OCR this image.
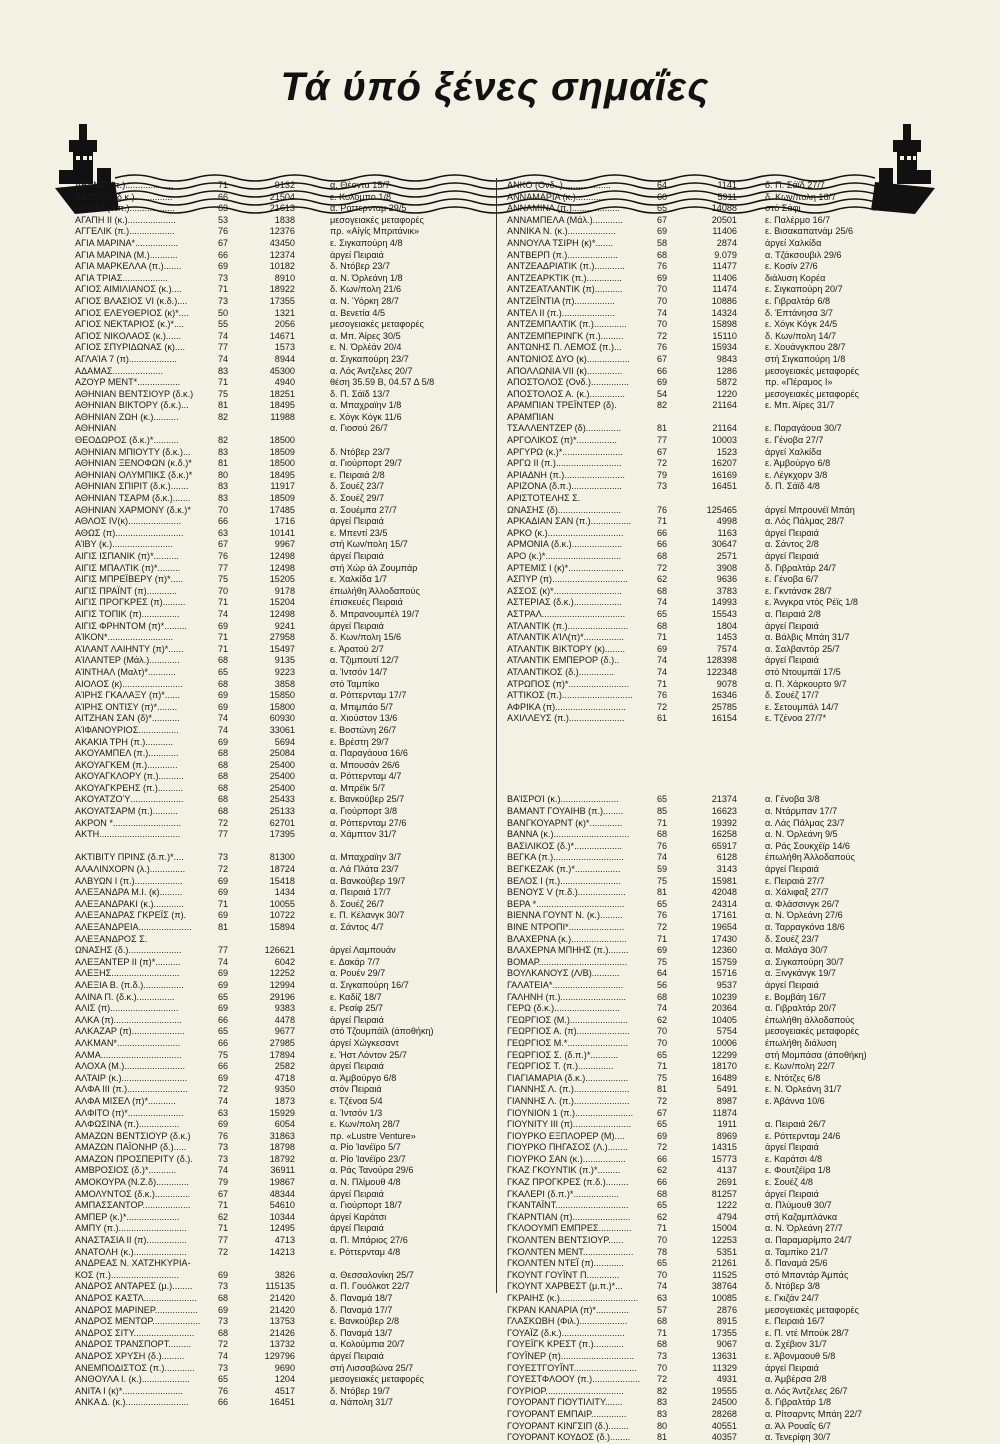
Τά ύπό ξένες σημαΐες
ΑΒΑΝΤΙ (π.)...................	71	9132	α. Θέοντα 15/7
ΑΒΟΣΕΤ (δ.κ.)...............	66	21504	ε. Κολόμπο 1/8
ΑΓΑΠΗ (δ.π.)..................	63	21613	α. Ρόττερνταμ 29/5
ΑΓΑΠΗ ΙΙ (κ.)...................	53	1838	μεσογειακές μεταφορές
ΑΓΓΕΛΙΚ (π.)..................	76	12376	πρ. «Αίγίς Μπριτάνικ»
ΑΓΙΑ ΜΑΡΙΝΑ*.................	67	43450	ε. Σιγκαπούρη 4/8
ΑΓΙΑ ΜΑΡΙΝΑ (Μ.)...........	66	12374	άργεί Πειραιά
ΑΓΙΑ ΜΑΡΚΕΛΛΑ (π.).......	69	10182	δ. Ντόβερ 23/7
ΑΓΙΑ ΤΡΙΑΣ..................	73	8910	α. Ν. Όρλεάνη 1/8
ΑΓΙΟΣ ΑΙΜΙΛΙΑΝΟΣ (κ.)....	71	18922	δ. Κων/πολη 21/6
ΑΓΙΟΣ ΒΛΑΣΙΟΣ VI (κ.δ.)....	73	17355	α. Ν. Ύόρκη 28/7
ΑΓΙΟΣ ΕΛΕΥΘΕΡΙΟΣ (κ)*....	50	1321	α. Βενετία 4/5
ΑΓΙΟΣ ΝΕΚΤΑΡΙΟΣ (κ.)*....	55	2056	μεσογειακές μεταφορές
ΑΓΙΟΣ ΝΙΚΟΛΑΟΣ (κ.)......	74	14671	α. Μπ. Άίρες 30/5
ΑΓΙΟΣ ΣΠΥΡΙΔΩΝΑΣ (κ)....	77	1573	ε. Ν. Όρλέάν 20/4
ΑΓΛΑΊΑ 7 (π)...................	74	8944	α. Σιγκαπούρη 23/7
ΑΔΑΜΑΣ....................	83	45300	α. Λός Άντζελες 20/7
ΑΖΟΥΡ ΜΕΝΤ*.................	71	4940	θέση 35.59 Β, 04.57 Δ 5/8
ΑΘΗΝΙΑΝ ΒΕΝΤΣΙΟΥΡ (δ.κ.)	75	18251	δ. Π. Σάϊδ 13/7
ΑΘΗΝΙΑΝ ΒΙΚΤΟΡΥ (δ.κ.)...	81	18495	α. Μπαχραϊην 1/8
ΑΘΗΝΙΑΝ ΖΩΗ (κ.)..........	82	11988	ε. Χόγκ Κόγκ 11/6
ΑΘΗΝΙΑΝ	α. Γιοσού 26/7
ΘΕΟΔΩΡΟΣ (δ.κ.)*..........	82	18500
ΑΘΗΝΙΑΝ ΜΠΙΟΥΤΥ (δ.κ.)...	83	18509	δ. Ντόβερ 23/7
ΑΘΗΝΙΑΝ ΞΕΝΟΦΩΝ (κ.δ.)*	81	18500	α. Γιούρπορτ 29/7
ΑΘΗΝΙΑΝ ΟΛΥΜΠΙΚΣ (δ.κ.)*	80	18495	ε. Πειραιά 2/8
ΑΘΗΝΙΑΝ ΣΠΙΡΙΤ (δ.κ.).......	83	11917	δ. Σουέζ 23/7
ΑΘΗΝΙΑΝ ΤΣΑΡΜ (δ.κ.).......	83	18509	δ. Σουέζ 29/7
ΑΘΗΝΙΑΝ ΧΑΡΜΟΝΥ (δ.κ.)*	70	17485	α. Σουέμπα 27/7
ΑΘΛΟΣ ΙV(κ).....................	66	1716	άργεί Πειραιά
ΑΘΩΣ (π)...........................	63	10141	ε. Μπεντί 23/5
ΑΊΒΥ (κ.)........................	67	9967	στή Κων/πολη 15/7
ΑΙΓΙΣ ΙΣΠΑΝΙΚ (π)*..........	76	12498	άργεί Πειραιά
ΑΙΓΙΣ ΜΠΑΛΤΙΚ (π)*.........	77	12498	στή Χώρ άλ Ζουμπάρ
ΑΙΓΙΣ ΜΠΡΕΪΒΕΡΥ (π)*.....	75	15205	ε. Χαλκίδα 1/7
ΑΙΓΙΣ ΠΡΑΪΝΤ (π)............	70	9178	έπωλήθη Άλλοδαπούς
ΑΙΓΙΣ ΠΡΟΓΚΡΕΣ (π).........	71	15204	έπισκευές Πειραιά
ΑΙΓΙΣ ΤΟΠΙΚ (π)...............	74	12498	δ. Μπρανουμπέλ 19/7
ΑΙΓΙΣ ΦΡΗΝΤΟΜ (π)*.........	69	9241	άργεί Πειραιά
ΑΊΚΟΝ*..........................	71	27958	δ. Κων/πολη 15/6
ΑΊΛΑΝΤ ΛΑΙΗΝΤΥ (π)*......	71	15497	ε. Άρατού 2/7
ΑΊΛΑΝΤΕΡ (Μάλ.)............	68	9135	α. Τζιμπουτί 12/7
ΑΊΝΤΗΑΛ (Μαλτ)*...........	65	9223	α. Ίντσόν 14/7
ΑΙΟΛΟΣ (κ)........................	68	3858	στό Ταμπίκο
ΑΊΡΗΣ ΓΚΑΛΑΞΥ (π)*......	69	15850	α. Ρόττερνταμ 17/7
ΑΊΡΗΣ ΟΝΤΙΣΥ (π)*........	69	15800	α. Μπιμπάο 5/7
ΑΙΤΖΗΑΝ ΣΑΝ (δ)*...........	74	60930	α. Χιούστον 13/6
ΑΊΦΑΝΟΥΡΙΟΣ................	74	33061	ε. Βοστώνη 26/7
ΑΚΑΚΙΑ ΤΡΗ (π.)...........	69	5694	ε. Βρέστη 29/7
ΑΚΟΥΑΜΠΕΛ (π.)............	68	25084	α. Παραγάουα 16/6
ΑΚΟΥΑΓΚΕΜ (π.)............	68	25400	α. Μπουσάν 26/6
ΑΚΟΥΑΓΚΛΟΡΥ (π.)..........	68	25400	α. Ρόττερνταμ 4/7
ΑΚΟΥΑΓΚΡΕΗΣ (π.)..........	68	25400	α. Μπρέϊκ 5/7
ΑΚΟΥΑΤΖΟΎ.....................	68	25433	ε. Βανκούβερ 25/7
ΑΚΟΥΑΤΣΑΡΜ (π.)..........	68	25133	α. Γιούρπορτ 3/8
ΑΚΡΟΝ *...........................	72	62701	α. Ρόττερνταμ 27/6
ΑΚΤΗ................................	77	17395	α. Χάμπτον 31/7
ΑΚΤΙΒΙΤΥ ΠΡΙΝΣ (δ.π.)*....	73	81300	α. Μπαχραϊην 3/7
ΑΛΑΛΙΝΧΟΡΝ (λ.)..............	72	18724	α. Λά Πλάτα 23/7
ΑΛΒΥΩΝ Ι (π.)...................	69	15418	α. Βανκούβερ 19/7
ΑΛΕΞΑΝΔΡΑ Μ.Ι. (κ).........	69	1434	α. Πειραιά 17/7
ΑΛΕΞΑΝΔΡΑΚΙ (κ.)............	71	10055	δ. Σουέζ 26/7
ΑΛΕΞΑΝΔΡΑΣ ΓΚΡΕΪΣ (π).	69	10722	ε. Π. Κέλανγκ 30/7
ΑΛΕΞΑΝΔΡΕΙΑ.....................	81	15894	α. Σάντος 4/7
ΑΛΕΞΑΝΔΡΟΣ Σ.
ΩΝΑΣΗΣ (δ.).....................	77	126621	άργεί Λαμπουάν
ΑΛΕΞΑΝΤΕΡ ΙΙ (π)*..........	74	6042	ε. Δακάρ 7/7
ΑΛΕΞΗΣ...........................	69	12252	α. Ρουέν 29/7
ΑΛΕΞΙΑ Β. (π.δ.)................	69	12994	α. Σιγκαπούρη 16/7
ΑΛΙΝΑ Π. (δ.κ.)...............	65	29196	ε. Καδίζ 18/7
ΑΛΙΣ (π)...........................	69	9383	ε. Ρεσίφ 25/7
ΑΛΚΑ (π)...........................	66	4478	άργεί Πειραιά
ΑΛΚΑΖΑΡ (π).....................	65	9677	στό Τζουμπάϊλ (άποθήκη)
ΑΛΚΜΑΝ*.........................	66	27985	άργεί Χώγκεσαντ
ΑΛΜΑ................................	75	17894	ε. Ήστ Λόντον 25/7
ΑΛΟΧΑ (Μ.)........................	66	2582	άργεί Πειραιά
ΑΛΤΑΙΡ (κ.)..........................	69	4718	α. Άμβούργο 6/8
ΑΛΦΑ ΙΙΙ (π.)........................	72	9350	στόν Πειραιά
ΑΛΦΑ ΜΙΣΕΛ (π)*...........	74	1873	ε. Τζένοα 5/4
ΑΛΦΙΤΟ (π)*......................	63	15929	α. Ίντσόν 1/3
ΑΛΦΩΣΙΝΑ (π.)................	69	6054	ε. Κων/πολη 28/7
ΑΜΑΖΩΝ ΒΕΝΤΣΙΟΥΡ (δ.κ.)	76	31863	πρ. «Lustre Venture»
ΑΜΑΖΩΝ ΠΑΪΟΝΗΡ (δ.).....	73	18798	α. Ρίο Ίανέϊρο 5/7
ΑΜΑΖΩΝ ΠΡΟΣΠΕΡΙΤΥ (δ.).	73	18792	α. Ρίο Ίανέϊρο 23/7
ΑΜΒΡΟΣΙΟΣ (δ.)*...........	74	36911	α. Ράς Τανούρα 29/6
ΑΜΟΚΟΥΡΑ (Ν.Ζ.δ).............	79	19867	α. Ν. Πλίμουθ 4/8
ΑΜΟΛΥΝΤΟΣ (δ.κ.)..............	67	48344	άργεί Πειραιά
ΑΜΠΑΣΣΑΝΤΟΡ...................	71	54610	α. Γιούρπορτ 18/7
ΑΜΠΕΡ (κ.)*.....................	62	10344	άργεί Καράτσι
ΑΜΠΥ (π.)...........................	71	12495	άργεί Πειραιά
ΑΝΑΣΤΑΣΙΑ ΙΙ (π)................	77	4713	α. Π. Μπάριος 27/6
ΑΝΑΤΟΛΗ (κ.).....................	72	14213	ε. Ρόττερνταμ 4/8
ΑΝΔΡΕΑΣ Ν. ΧΑΤΖΗΚΥΡΙΑ-
ΚΟΣ (π.)...........................	69	3826	α. Θεσσαλονίκη 25/7
ΑΝΔΡΟΣ ΑΝΤΑΡΕΣ (μ.)........	73	115135	α. Π. Γουόλκοτ 22/7
ΑΝΔΡΟΣ ΚΑΣΤΛ.....................	68	21420	δ. Παναμά 18/7
ΑΝΔΡΟΣ ΜΑΡΙΝΕΡ.................	69	21420	δ. Παναμά 17/7
ΑΝΔΡΟΣ ΜΕΝΤΩΡ...................	73	13753	ε. Βανκούβερ 2/8
ΑΝΔΡΟΣ ΣΙΤΥ........................	68	21426	δ. Παναμά 13/7
ΑΝΔΡΟΣ ΤΡΑΝΣΠΟΡΤ.........	72	13732	α. Κολούμπια 20/7
ΑΝΔΡΟΣ ΧΡΥΣΗ (δ.).........	74	129796	άργεί Πειραιά
ΑΝΕΜΠΟΔΙΣΤΟΣ (π.)............	73	9690	στή Λισσαβώνα 25/7
ΑΝΘΟΥΛΑ Ι. (κ.)...................	65	1204	μεσογειακές μεταφορές
ΑΝΙΤΑ Ι (κ)*........................	76	4517	δ. Ντόβερ 19/7
ΑΝΚΑ Δ. (κ.).........................	66	16451	α. Νάπολη 31/7
ΑΝΚΟ (Ονδ..)...................	64	1141	δ. Π. Σάϊδ 27/7
ΑΝΝΑΜΑΡΙΑ (κ.)...............	60	5911	δ. Κων/πολη 16/7
ΑΝΝΑΜΙΝΑ (π.)...................	65	14088	στό Σάφι
ΑΝΝΑΜΠΕΛΑ (Μάλ.)............	67	20501	ε. Παλέρμο 16/7
ΑΝΝΙΚΑ Ν. (κ.)...................	69	11406	ε. Βισακαπατνάμ 25/6
ΑΝΝΟΥΛΑ ΤΣΙΡΗ (κ)*.......	58	2874	άργεί Χαλκίδα
ΑΝΤΒΕΡΠ (π.)....................	68	9.079	α. Τζάκσουβιλ 29/6
ΑΝΤΖΕΑΔΡΙΑΤΙΚ (π.)............	76	11477	ε. Κοσίν 27/6
ΑΝΤΖΕΑΡΚΤΙΚ (π.)..............	69	11406	διάλυση Κορέα
ΑΝΤΖΕΑΤΛΑΝΤΙΚ (π)...........	70	11474	ε. Σιγκαπούρη 20/7
ΑΝΤΖΕΪΝΤΙΑ (π)................	70	10886	ε. Γιβραλτάρ 6/8
ΑΝΤΕΛ ΙΙ (π.).....................	74	14324	δ. Έπτάνησα 3/7
ΑΝΤΖΕΜΠΑΛΤΙΚ (π.).............	70	15898	ε. Χόγκ Κόγκ 24/5
ΑΝΤΖΕΜΠΕΡΙΝΓΚ (π.).........	72	15110	δ. Κων/πολη 14/7
ΑΝΤΩΝΗΣ Π. ΛΕΜΟΣ (π.)...	76	15934	ε. Χουάνγκπου 28/7
ΑΝΤΩΝΙΟΣ ΔΥΟ (κ).................	67	9843	στή Σιγκαπούρη 1/8
ΑΠΟΛΛΩΝΙΑ VII (κ)..............	66	1286	μεσογειακές μεταφορές
ΑΠΟΣΤΟΛΟΣ (Ονδ.)...............	69	5872	πρ. «Πέραμος Ι»
ΑΠΟΣΤΟΛΟΣ Α. (κ.)..............	54	1220	μεσογειακές μεταφορές
ΑΡΑΜΠΙΑΝ ΤΡΕΪΝΤΕΡ (δ).	82	21164	ε. Μπ. Άίρες 31/7
ΑΡΑΜΠΙΑΝ
ΤΣΑΛΛΕΝΤΖΕΡ (δ)..............	81	21164	ε. Παραγάουα 30/7
ΑΡΓΟΛΙΚΟΣ (π)*................	77	10003	ε. Γένοβα 27/7
ΑΡΓΥΡΩ (κ.)*........................	67	1523	άργεί Χαλκίδα
ΑΡΓΩ ΙΙ (π.)..........................	72	16207	ε. Άμβούργο 6/8
ΑΡΙΑΔΝΗ (π.)........................	79	16169	ε. Λέγκχορν 3/8
ΑΡΙΖΟΝΑ (δ.π.)....................	73	16451	δ. Π. Σάϊδ 4/8
ΑΡΙΣΤΟΤΕΛΗΣ Σ.
ΩΝΑΣΗΣ (δ).........................	76	125465	άργεί Μπρουνέϊ Μπάη
ΑΡΚΑΔΙΑΝ ΣΑΝ (π.)................	71	4998	α. Λός Πάλμας 28/7
ΑΡΚΟ (κ.)..............................	66	1163	άργεί Πειραιά
ΑΡΜΟΝΙΑ (δ.κ.)....................	66	30647	α. Σάντος 2/8
ΑΡΟ (κ.)*..............................	68	2571	άργεί Πειραιά
ΑΡΤΕΜΙΣ Ι (κ)*......................	72	3908	δ. Γιβραλτάρ 24/7
ΑΣΠΥΡ (π)..............................	62	9636	ε. Γένοβα 6/7
ΑΣΣΟΣ (κ)*...........................	68	3783	ε. Γκντάνσκ 28/7
ΑΣΤΕΡΙΑΣ (δ.κ.)...................	74	14993	ε. Άνγκρα ντός Ρέϊς 1/8
ΑΣΤΡΑΛ.................................	65	15543	α. Πειραιά 2/8
ΑΤΛΑΝΤΙΚ (π.)........................	68	1804	άργεί Πειραιά
ΑΤΛΑΝΤΙΚ ΑΊΛ(π)*................	71	1453	α. Βάλβις Μπάη 31/7
ΑΤΛΑΝΤΙΚ ΒΙΚΤΟΡΥ (κ)........	69	7574	α. Σαλβαντόρ 25/7
ΑΤΛΑΝΤΙΚ ΕΜΠΕΡΟΡ (δ.)..	74	128398	άργεί Πειραιά
ΑΤΛΑΝΤΙΚΟΣ (δ.)..............	74	122348	στό Ντουμπάϊ 17/5
ΑΤΡΩΠΟΣ (π)*........................	71	9078	α. Π. Χάρκουρτο 9/7
ΑΤΤΙΚΟΣ (π.)............................	76	16346	δ. Σουέζ 17/7
ΑΦΡΙΚΑ (π)............................	72	25785	ε. Σετουμπάλ 14/7
ΑΧΙΛΛΕΥΣ (π.)......................	61	16154	ε. Τζένοα 27/7*
ΒΑΊΣΡΟΊ (κ.).......................	65	21374	α. Γένοβα 3/8
ΒΑΜΑΝΤ ΓΟΥΑΙΗΒ (π.)........	85	16623	α. Ντάρμπαν 17/7
ΒΑΝΓΚΟΥΑΡΝΤ (κ)*.............	71	19392	α. Λάς Πάλμας 23/7
ΒΑΝΝΑ (κ.)..............................	68	16258	α. Ν. Όρλεάνη 9/5
ΒΑΣΙΛΙΚΟΣ (δ.)*...................	76	65917	α. Ράς Σουκχέϊρ 14/6
ΒΕΓΚΑ (π.)............................	74	6128	έπωλήθη Άλλοδαπούς
ΒΕΓΚΕΖΑΚ (π.)*..................	59	3143	άργεί Πειραιά
ΒΕΛΟΣ Ι (π.)........................	75	15981	ε. Πειραιά 27/7
ΒΕΝΟΥΣ V (π.δ.)...................	81	42048	α. Χάλιφαξ 27/7
ΒΕΡΑ *...................................	65	24314	α. Φλάσσινγκ 26/7
ΒΙΕΝΝΑ ΓΟΥΝΤ Ν. (κ.).........	76	17161	α. Ν. Όρλεάνη 27/6
ΒΙΝΕ ΝΤΡΟΠΙ*......................	72	19654	α. Ταρραγκόνα 18/6
ΒΛΑΧΕΡΝΑ (κ.)......................	71	17430	δ. Σουέζ 23/7
ΒΛΑΧΕΡΝΑ ΜΠΗΗΣ (π.)........	69	12360	α. Μαλάγα 30/7
ΒΟΜΑΡ...................................	75	15759	α. Σιγκαπούρη 30/7
ΒΟΥΛΚΑΝΟΥΣ (Λ/Β)...........	64	15716	α. Ξινγκάνγκ 19/7
ΓΑΛΑΤΕΙΑ*............................	56	9537	άργεί Πειραιά
ΓΑΛΗΝΗ (π.)..........................	68	10239	ε. Βομβάη 16/7
ΓΕΡΩ (δ.κ.)..........................	74	20364	α. Γιβραλτάρ 20/7
ΓΕΩΡΓΙΟΣ (Μ.).......................	62	10405	έπωλήθη άλλοδαπούς
ΓΕΩΡΓΙΟΣ Α. (π).....................	70	5754	μεσογειακές μεταφορές
ΓΕΩΡΓΙΟΣ Μ.*........................	70	10006	έπωλήθη διάλυση
ΓΕΩΡΓΙΟΣ Σ. (δ.π.)*...........	65	12299	στή Μομπάσα (άποθήκη)
ΓΕΩΡΓΙΟΣ Τ. (π.)..............	71	18170	ε. Κων/πολη 22/7
ΓΙΑΓΙΑΜΑΡΙΑ (δ.κ.).................	75	16489	ε. Ντότζες 6/8
ΓΙΑΝΝΗΣ Λ. (π.)......................	81	5491	ε. Ν. Όρλεάνη 31/7
ΓΙΑΝΝΗΣ Λ. (π.)......................	72	8987	ε. Άβάννα 10/6
ΓΙΟΥΝΙΟΝ 1 (π.).......................	67	11874
ΓΙΟΥΝΙΤΥ ΙΙΙ (π).......................	65	1911	α. Πειραιά 26/7
ΓΙΟΥΡΚΟ ΕΞΠΛΟΡΕΡ (Μ)....	69	8969	ε. Ρόττερνταμ 24/6
ΓΙΟΥΡΚΟ ΠΗΓΑΣΟΣ (Λ.)........	72	14315	άργεί Πειραιά
ΓΙΟΥΡΚΟ ΣΑΝ (κ.).................	66	15773	ε. Καράτσι 4/8
ΓΚΑΖ ΓΚΟΥΝΤΙΚ (π.)*.........	62	4137	ε. Φουτζέϊρα 1/8
ΓΚΑΖ ΠΡΟΓΚΡΕΣ (π.δ.).........	66	2691	ε. Σουέζ 4/8
ΓΚΑΛΕΡΙ (δ.π.)*..................	68	81257	άργεί Πειραιά
ΓΚΑΝΤΑΪΝΤ.............................	65	1222	α. Πλύμουθ 30/7
ΓΚΑΡΝΤΙΑΝ (π).......................	62	4794	στή Καζαμπλάνκα
ΓΚΛΟΟΥΜΠ ΕΜΠΡΕΣ.............	71	15004	α. Ν. Όρλεάνη 27/7
ΓΚΟΛΝΤΕΝ ΒΕΝΤΣΙΟΥΡ......	70	12253	α. Παραμαρίμπο 24/7
ΓΚΟΛΝΤΕΝ ΜΕΝΤ....................	78	5351	α. Ταμπίκο 21/7
ΓΚΟΛΝΤΕΝ ΝΤΕΪ (π)............	65	21261	δ. Παναμά 25/6
ΓΚΟΥΝΤ ΓΟΥΪΝΤ Π.............	70	11525	στό Μπαντάρ Άμπάς
ΓΚΟΥΝΤ ΧΑΡΒΕΣΤ (μ.π.)*...	74	38764	δ. Ντόβερ 3/8
ΓΚΡΑΙΗΣ (κ.)...............................	63	10085	ε. Γκιζάν 24/7
ΓΚΡΑΝ ΚΑΝΑΡΙΑ (π)*.............	57	2876	μεσογειακές μεταφορές
ΓΛΑΣΚΩΒΗ (Φιλ.)...................	68	8915	ε. Πειραιά 16/7
ΓΟΥΑΪΖ (δ.κ.).........................	71	17355	ε. Π. ντέ Μπούκ 28/7
ΓΟΥΕΪΓΚ ΚΡΕΣΤ (π.)............	68	9067	α. Σχέβιον 31/7
ΓΟΥΪΝΕΡ (π).............................	73	13631	ε. Άβονμαουθ 5/8
ΓΟΥΕΣΤΓΟΥΪΝΤ.........................	70	11329	άργεί Πειραιά
ΓΟΥΕΣΤΦΛΟΟΥ (π.)...................	72	4931	α. Άμβέρσα 2/8
ΓΟΥΡΙΟΡ...............................	82	19555	α. Λός Άντζελες 26/7
ΓΟΥΟΡΑΝΤ ΓΙΟΥΤΙΛΙΤΥ.......	83	24500	δ. Γιβραλτάρ 1/8
ΓΟΥΟΡΑΝΤ ΕΜΠΑΙΡ..............	83	28268	α. Ρίτσαρντς Μπάη 22/7
ΓΟΥΟΡΑΝΤ ΚΙΝΓΣΙΠ (δ.)........	80	40551	α. Άλ Ρουαΐς 6/7
ΓΟΥΟΡΑΝΤ ΚΟΥΔΟΣ (δ.)........	81	40357	α. Τενερίφη 30/7
